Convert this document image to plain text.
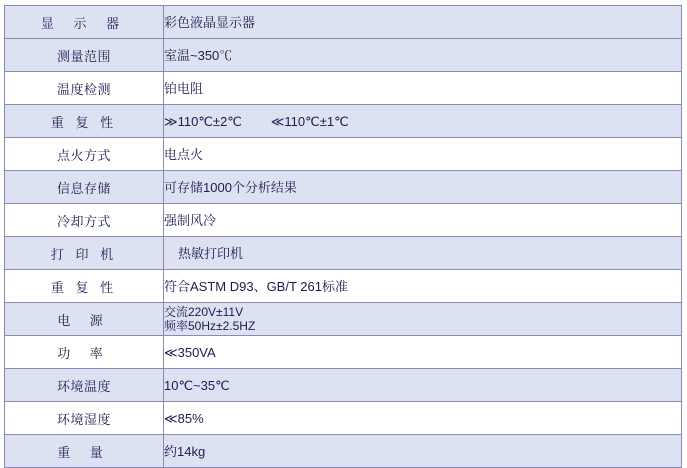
显 示 器	彩色液晶显示器

测量范围	室温~350℃

温度检测	铂电阻

重 复 性	≫110℃±2℃        ≪110℃±1℃

点火方式	电点火

信息存储	可存储1000个分析结果

冷却方式	强制风冷

打 印 机	热敏打印机

重 复 性	符合ASTM D93、GB/T 261标准

电 源	交流220V±11V
频率50Hz±2.5HZ

功 率	≪350VA

环境温度	10℃~35℃

环境湿度	≪85%

重 量	约14kg
